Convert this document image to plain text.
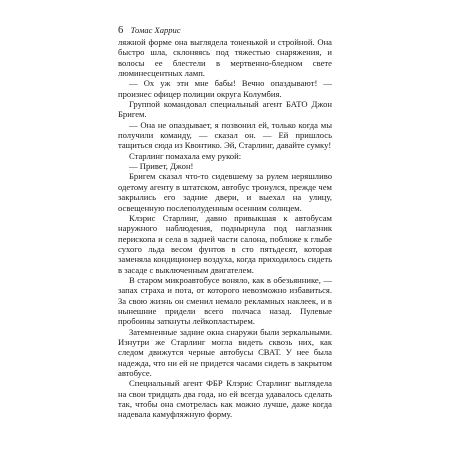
6 Томас Харрис

ляжной форме она выглядела тоненькой и стройной. Она быстро шла, склоняясь под тяжестью снаряжения, и волосы ее блестели в мертвенно-бледном свете люминесцентных ламп.

— Ох уж эти мне бабы! Вечно опаздывают! — произнес офицер полиции округа Колумбия.

Группой командовал специальный агент БАТО Джон Бригем.

— Она не опаздывает, я позвонил ей, только когда мы получили команду, — сказал он. — Ей пришлось тащиться сюда из Квонтико. Эй, Старлинг, давайте сумку!

Старлинг помахала ему рукой:

— Привет, Джон!

Бригем сказал что-то сидевшему за рулем неряшливо одетому агенту в штатском, автобус тронулся, прежде чем закрылись его задние двери, и выехал на улицу, освещенную послеполуденным осенним солнцем.

Клэрис Старлинг, давно привыкшая к автобусам наружного наблюдения, поднырнула под наглазник перископа и села в задней части салона, поближе к глыбе сухого льда весом фунтов в сто пятьдесят, которая заменяла кондиционер воздуха, когда приходилось сидеть в засаде с выключенным двигателем.

В старом микроавтобусе воняло, как в обезьяннике, — запах страха и пота, от которого невозможно избавиться. За свою жизнь он сменил немало рекламных наклеек, и в нынешние придели всего полчаса назад. Пулевые пробоины заткнуты лейкопластырем.

Затемненные задние окна снаружи были зеркальными. Изнутри же Старлинг могла видеть сквозь них, как следом движутся черные автобусы СВАТ. У нее была надежда, что ни ей не придется часами сидеть в закрытом автобусе.

Специальный агент ФБР Клэрис Старлинг выглядела на свои тридцать два года, но ей всегда удавалось сделать так, чтобы она смотрелась как можно лучше, даже когда надевала камуфляжную форму.
